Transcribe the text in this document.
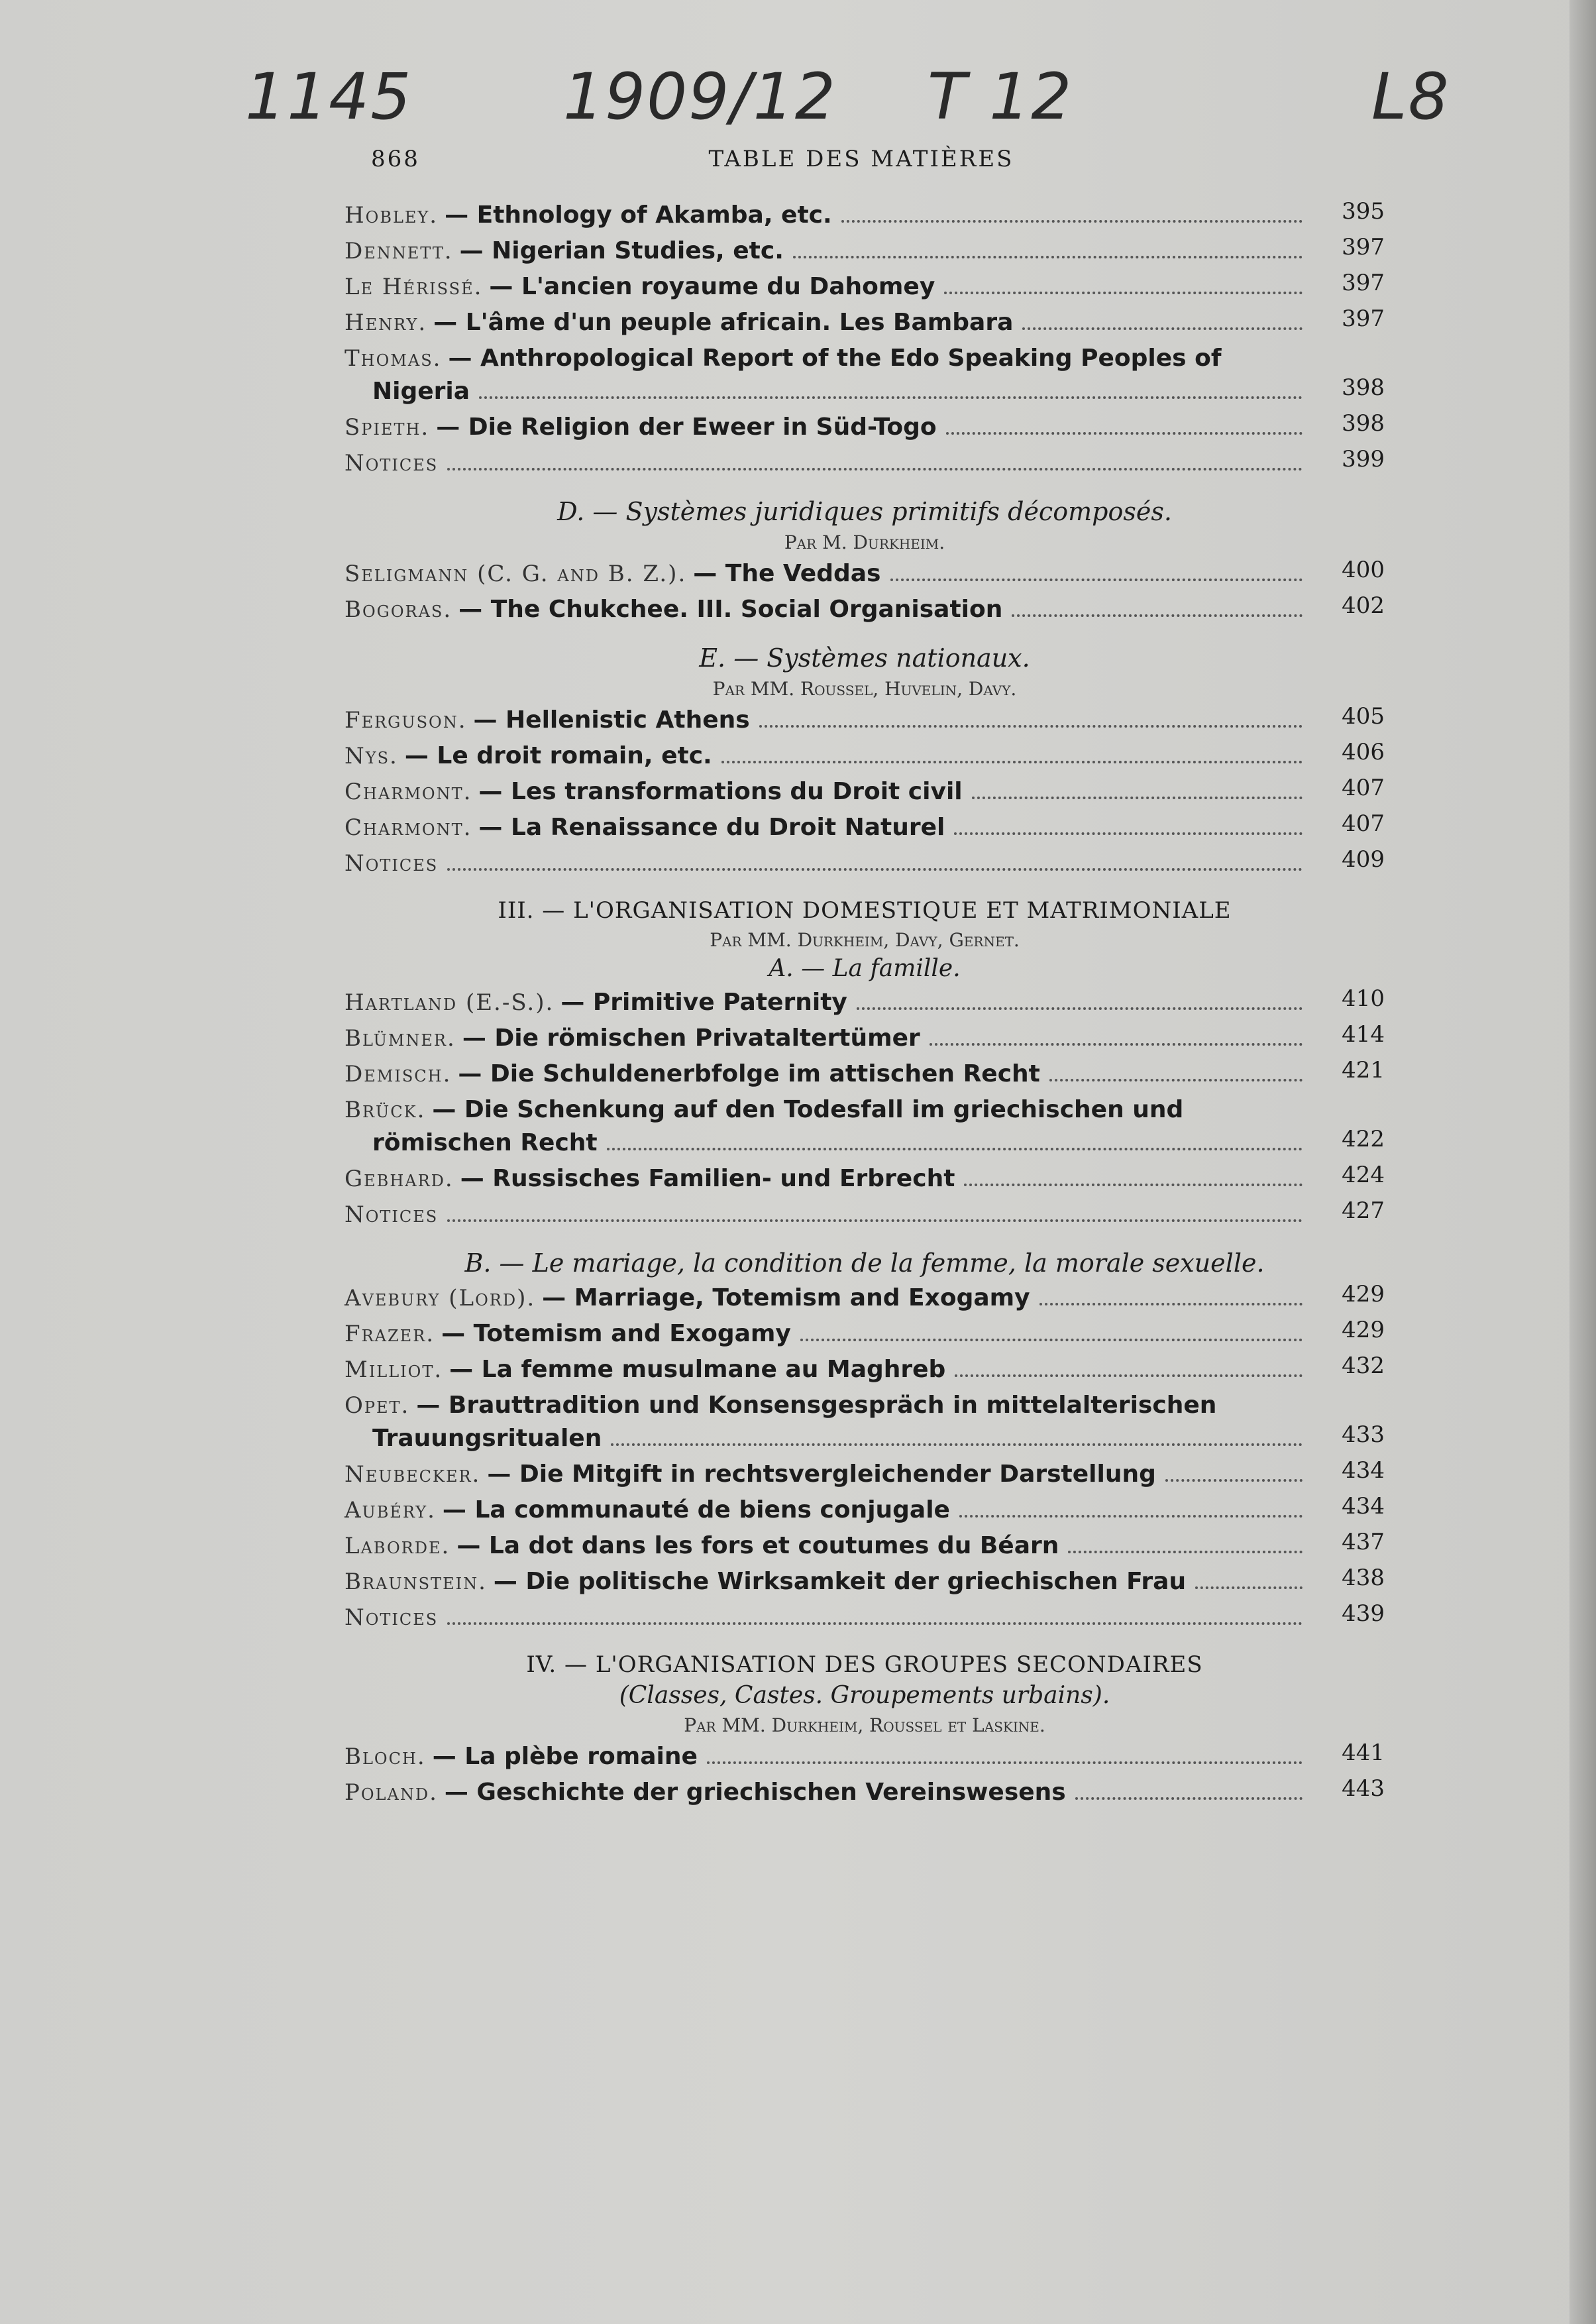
1145 1909/12 T 12	L8
868	TABLE DES MATIÈRES
Hobley. — Ethnology of Akamba, etc.	395
Dennett. — Nigerian Studies, etc.	397
Le Hérissé. — L'ancien royaume du Dahomey	397
Henry. — L'âme d'un peuple africain. Les Bambara	397
Thomas. — Anthropological Report of the Edo Speaking Peoples of
Nigeria	398
Spieth. — Die Religion der Eweer in Süd-Togo	398
Notices	399
D. — Systèmes juridiques primitifs décomposés.
Par M. Durkheim.
Seligmann (C. G. and B. Z.). — The Veddas	400
Bogoras. — The Chukchee. III. Social Organisation	402
E. — Systèmes nationaux.
Par MM. Roussel, Huvelin, Davy.
Ferguson. — Hellenistic Athens	405
Nys. — Le droit romain, etc.	406
Charmont. — Les transformations du Droit civil	407
Charmont. — La Renaissance du Droit Naturel	407
Notices	409
III. — L'ORGANISATION DOMESTIQUE ET MATRIMONIALE
Par MM. Durkheim, Davy, Gernet.
A. — La famille.
Hartland (E.-S.). — Primitive Paternity	410
Blümner. — Die römischen Privataltertümer	414
Demisch. — Die Schuldenerbfolge im attischen Recht	421
Brück. — Die Schenkung auf den Todesfall im griechischen und
römischen Recht	422
Gebhard. — Russisches Familien- und Erbrecht	424
Notices	427
B. — Le mariage, la condition de la femme, la morale sexuelle.
Avebury (Lord). — Marriage, Totemism and Exogamy	429
Frazer. — Totemism and Exogamy	429
Milliot. — La femme musulmane au Maghreb	432
Opet. — Brauttradition und Konsensgespräch in mittelalterischen
Trauungsritualen	433
Neubecker. — Die Mitgift in rechtsvergleichender Darstellung	434
Aubéry. — La communauté de biens conjugale	434
Laborde. — La dot dans les fors et coutumes du Béarn	437
Braunstein. — Die politische Wirksamkeit der griechischen Frau	438
Notices	439
IV. — L'ORGANISATION DES GROUPES SECONDAIRES
(Classes, Castes. Groupements urbains).
Par MM. Durkheim, Roussel et Laskine.
Bloch. — La plèbe romaine	441
Poland. — Geschichte der griechischen Vereinswesens	443
